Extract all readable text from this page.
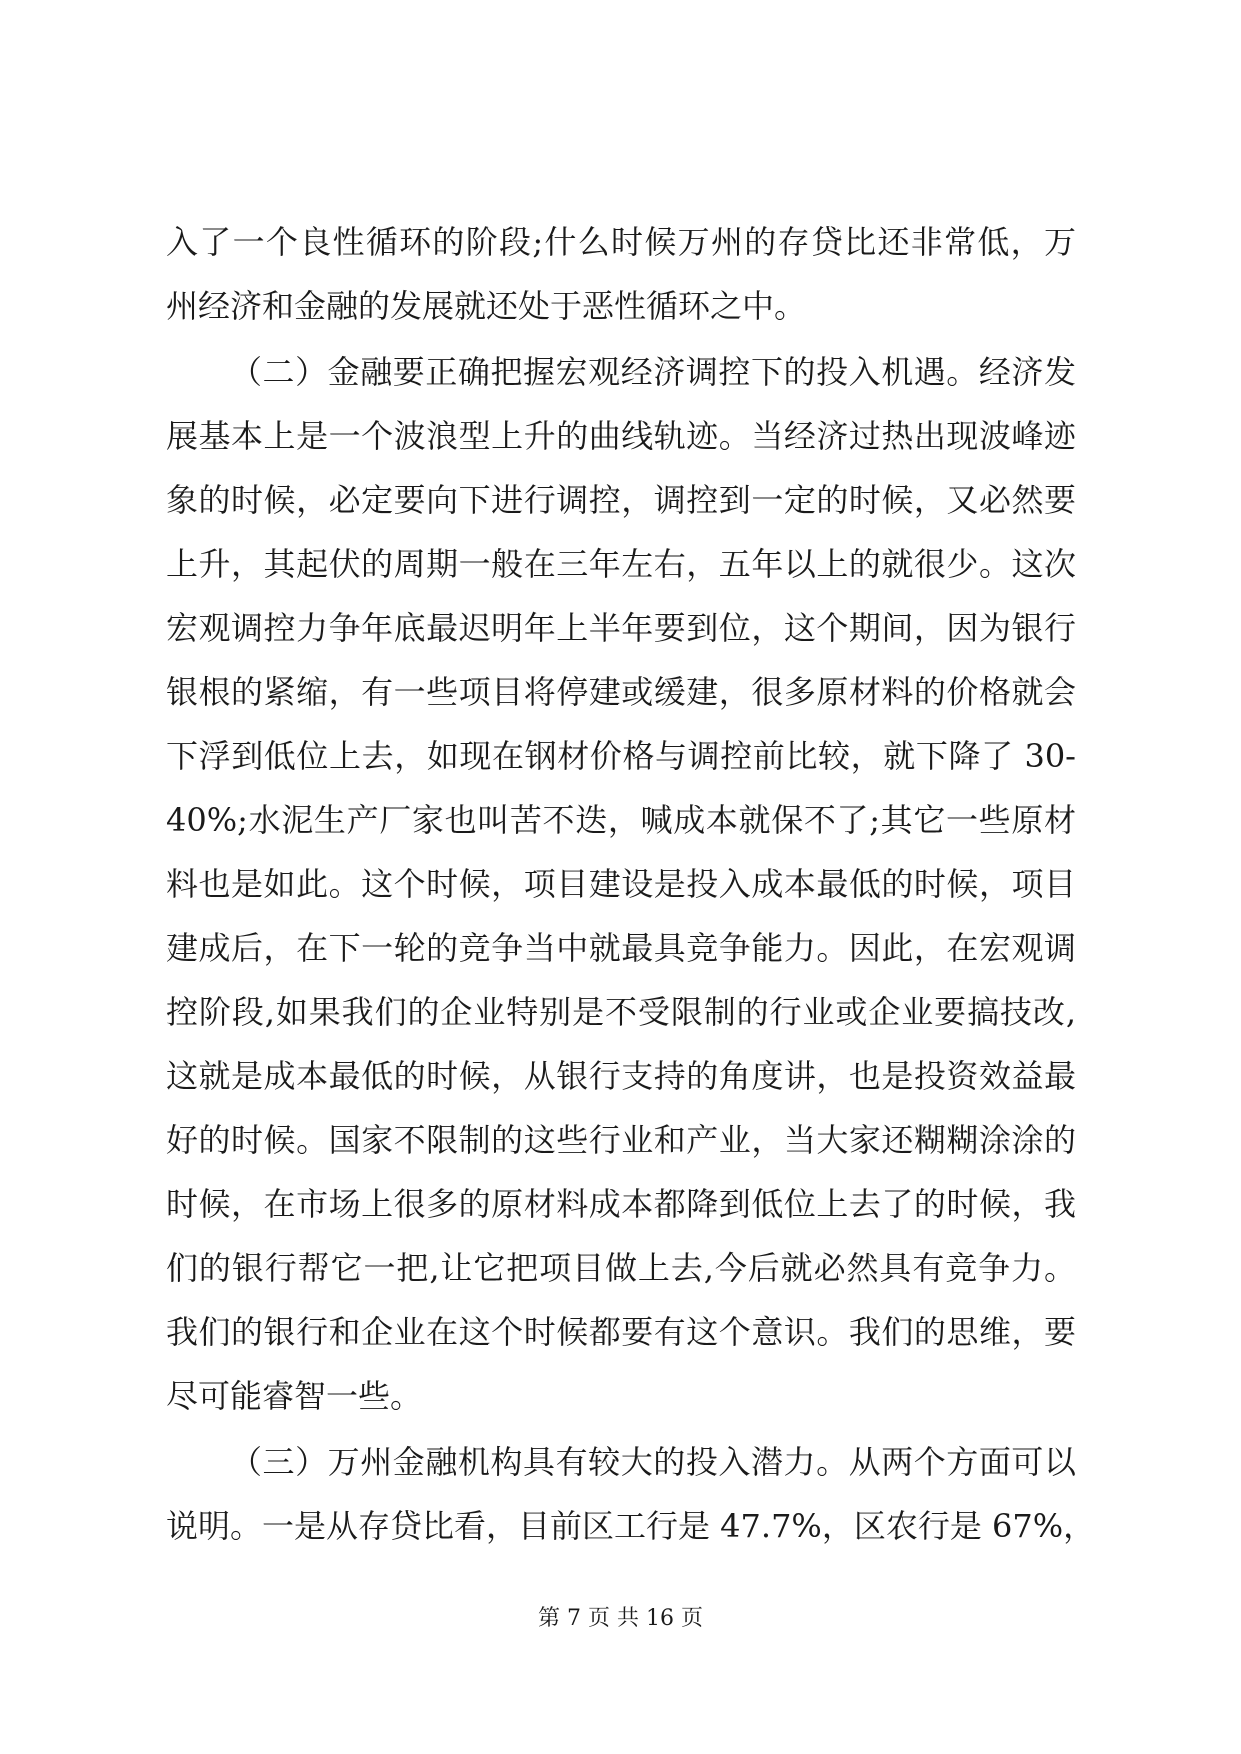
入了一个良性循环的阶段;什么时候万州的存贷比还非常低，万
州经济和金融的发展就还处于恶性循环之中。
（二）金融要正确把握宏观经济调控下的投入机遇。经济发
展基本上是一个波浪型上升的曲线轨迹。当经济过热出现波峰迹
象的时候，必定要向下进行调控，调控到一定的时候，又必然要
上升，其起伏的周期一般在三年左右，五年以上的就很少。这次
宏观调控力争年底最迟明年上半年要到位，这个期间，因为银行
银根的紧缩，有一些项目将停建或缓建，很多原材料的价格就会
下浮到低位上去，如现在钢材价格与调控前比较，就下降了 30-
40%;水泥生产厂家也叫苦不迭，喊成本就保不了;其它一些原材
料也是如此。这个时候，项目建设是投入成本最低的时候，项目
建成后，在下一轮的竞争当中就最具竞争能力。因此，在宏观调
控阶段,如果我们的企业特别是不受限制的行业或企业要搞技改,
这就是成本最低的时候，从银行支持的角度讲，也是投资效益最
好的时候。国家不限制的这些行业和产业，当大家还糊糊涂涂的
时候，在市场上很多的原材料成本都降到低位上去了的时候，我
们的银行帮它一把,让它把项目做上去,今后就必然具有竞争力。
我们的银行和企业在这个时候都要有这个意识。我们的思维，要
尽可能睿智一些。
（三）万州金融机构具有较大的投入潜力。从两个方面可以
说明。一是从存贷比看，目前区工行是 47.7%，区农行是 67%，
第 7 页 共 16 页
